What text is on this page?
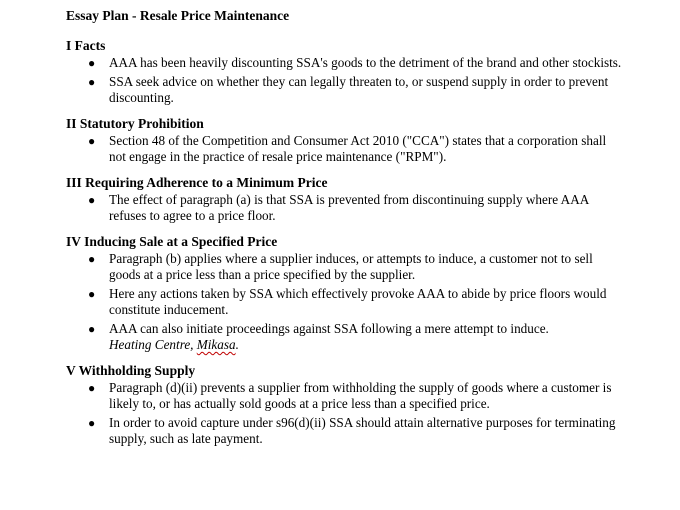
Essay Plan - Resale Price Maintenance
I Facts
● AAA has been heavily discounting SSA's goods to the detriment of the brand and other stockists.
● SSA seek advice on whether they can legally threaten to, or suspend supply in order to prevent discounting.
II Statutory Prohibition
● Section 48 of the Competition and Consumer Act 2010 ("CCA") states that a corporation shall not engage in the practice of resale price maintenance ("RPM").
III Requiring Adherence to a Minimum Price
● The effect of paragraph (a) is that SSA is prevented from discontinuing supply where AAA refuses to agree to a price floor.
IV Inducing Sale at a Specified Price
● Paragraph (b) applies where a supplier induces, or attempts to induce, a customer not to sell goods at a price less than a price specified by the supplier.
● Here any actions taken by SSA which effectively provoke AAA to abide by price floors would constitute inducement.
● AAA can also initiate proceedings against SSA following a mere attempt to induce.
Heating Centre, Mikasa.
V Withholding Supply
● Paragraph (d)(ii) prevents a supplier from withholding the supply of goods where a customer is likely to, or has actually sold goods at a price less than a specified price.
● In order to avoid capture under s96(d)(ii) SSA should attain alternative purposes for terminating supply, such as late payment.
